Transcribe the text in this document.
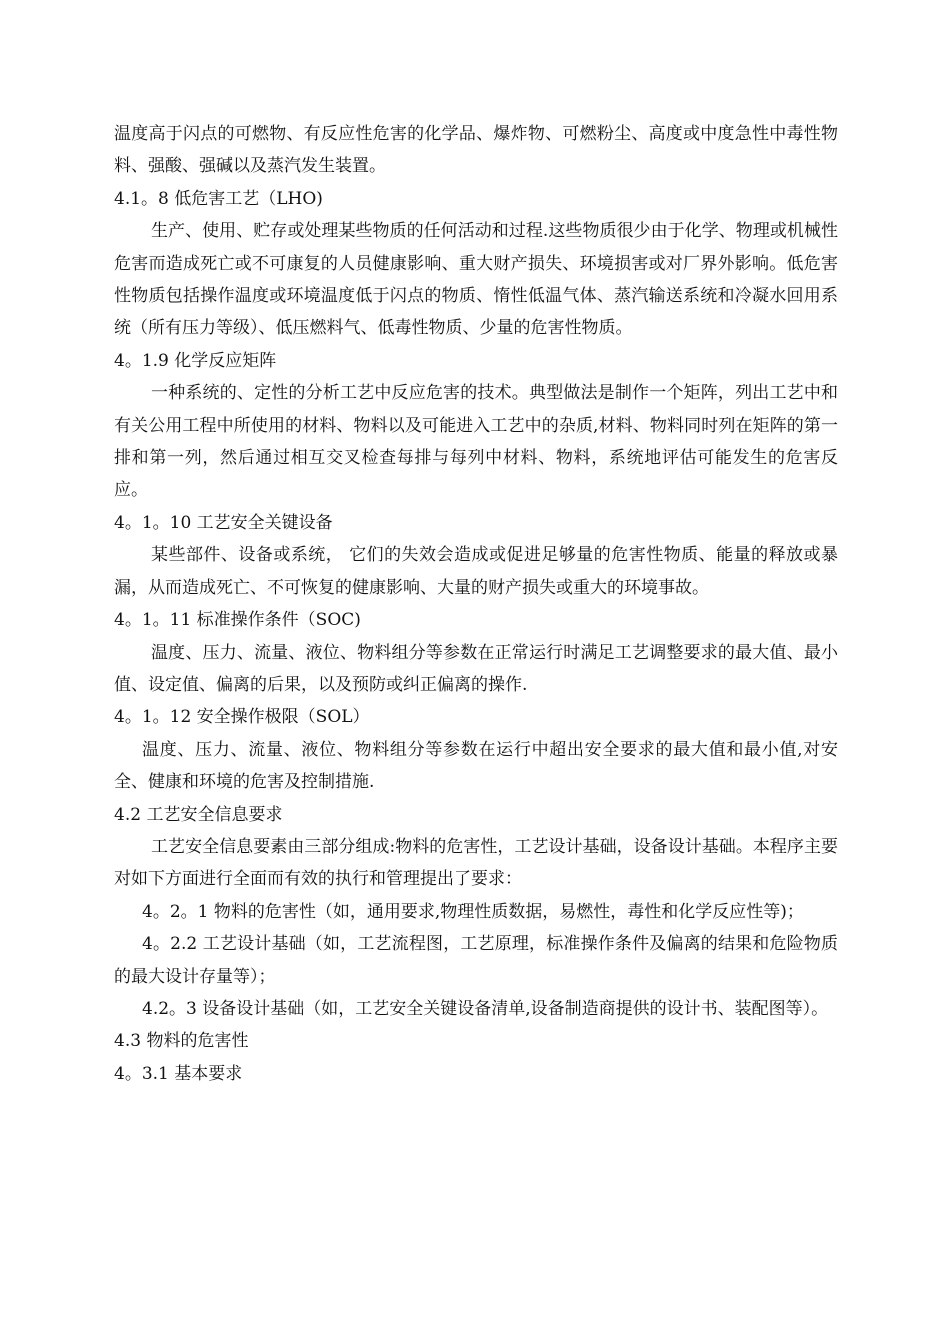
温度高于闪点的可燃物、有反应性危害的化学品、爆炸物、可燃粉尘、高度或中度急性中毒性物料、强酸、强碱以及蒸汽发生装置。

4.1。8 低危害工艺（LHO)

生产、使用、贮存或处理某些物质的任何活动和过程.这些物质很少由于化学、物理或机械性危害而造成死亡或不可康复的人员健康影响、重大财产损失、环境损害或对厂界外影响。低危害性物质包括操作温度或环境温度低于闪点的物质、惰性低温气体、蒸汽输送系统和冷凝水回用系统（所有压力等级）、低压燃料气、低毒性物质、少量的危害性物质。

4。1.9 化学反应矩阵

一种系统的、定性的分析工艺中反应危害的技术。典型做法是制作一个矩阵，列出工艺中和有关公用工程中所使用的材料、物料以及可能进入工艺中的杂质,材料、物料同时列在矩阵的第一排和第一列，然后通过相互交叉检查每排与每列中材料、物料，系统地评估可能发生的危害反应。

4。1。10 工艺安全关键设备

某些部件、设备或系统， 它们的失效会造成或促进足够量的危害性物质、能量的释放或暴漏，从而造成死亡、不可恢复的健康影响、大量的财产损失或重大的环境事故。

4。1。11 标准操作条件（SOC)

温度、压力、流量、液位、物料组分等参数在正常运行时满足工艺调整要求的最大值、最小值、设定值、偏离的后果，以及预防或纠正偏离的操作.

4。1。12 安全操作极限（SOL）

温度、压力、流量、液位、物料组分等参数在运行中超出安全要求的最大值和最小值,对安全、健康和环境的危害及控制措施.

4.2 工艺安全信息要求

工艺安全信息要素由三部分组成:物料的危害性，工艺设计基础，设备设计基础。本程序主要对如下方面进行全面而有效的执行和管理提出了要求：

4。2。1 物料的危害性（如，通用要求,物理性质数据，易燃性，毒性和化学反应性等)；

4。2.2 工艺设计基础（如，工艺流程图，工艺原理，标准操作条件及偏离的结果和危险物质的最大设计存量等）；

4.2。3 设备设计基础（如，工艺安全关键设备清单,设备制造商提供的设计书、装配图等）。

4.3 物料的危害性

4。3.1 基本要求
